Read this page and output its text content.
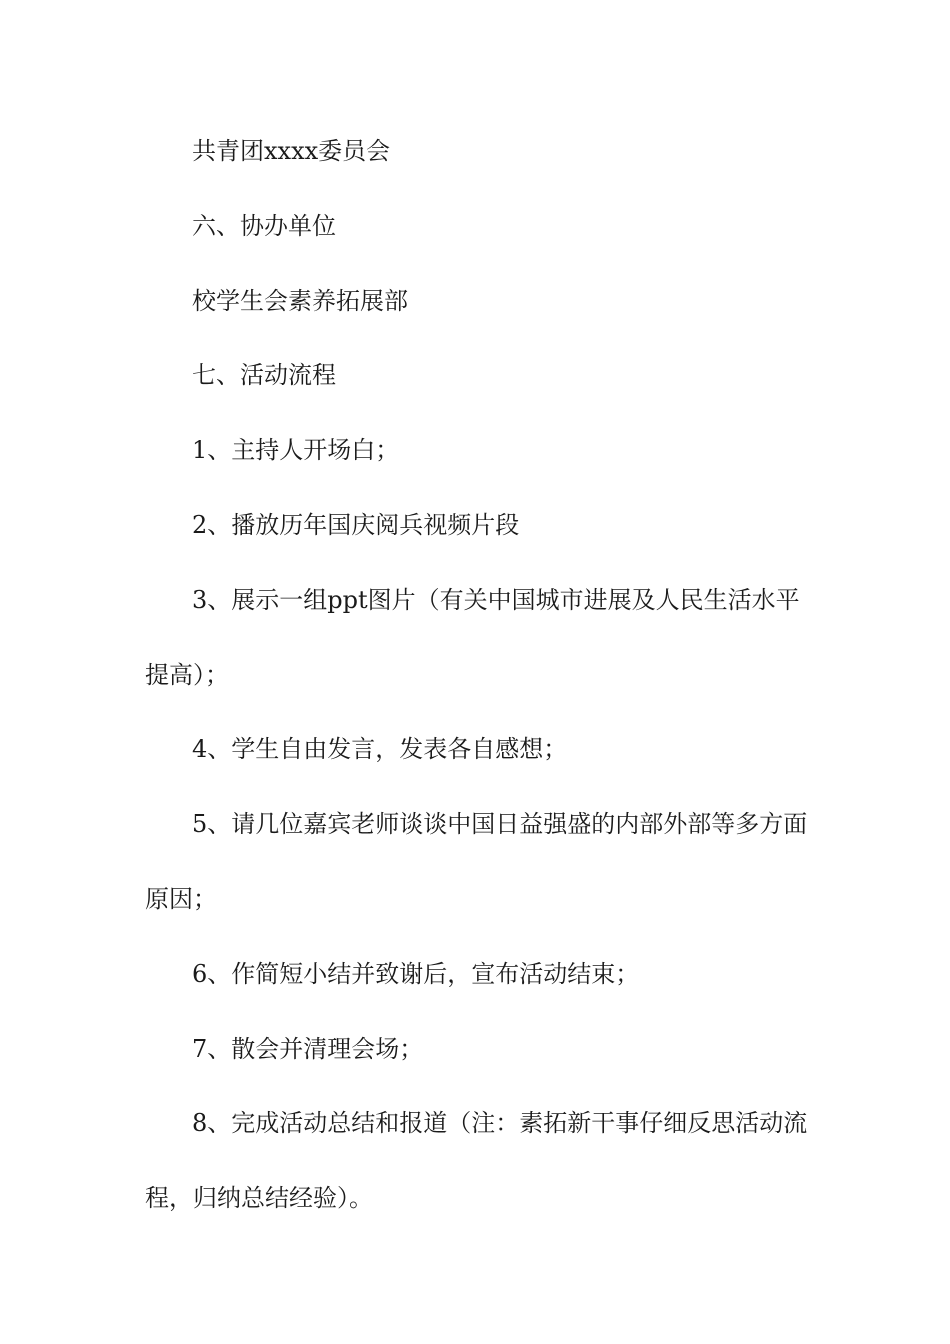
共青团xxxx委员会
六、协办单位
校学生会素养拓展部
七、活动流程
1、主持人开场白；
2、播放历年国庆阅兵视频片段
3、展示一组ppt图片（有关中国城市进展及人民生活水平
提高）；
4、学生自由发言，发表各自感想；
5、请几位嘉宾老师谈谈中国日益强盛的内部外部等多方面
原因；
6、作简短小结并致谢后，宣布活动结束；
7、散会并清理会场；
8、完成活动总结和报道（注：素拓新干事仔细反思活动流
程，归纳总结经验）。
